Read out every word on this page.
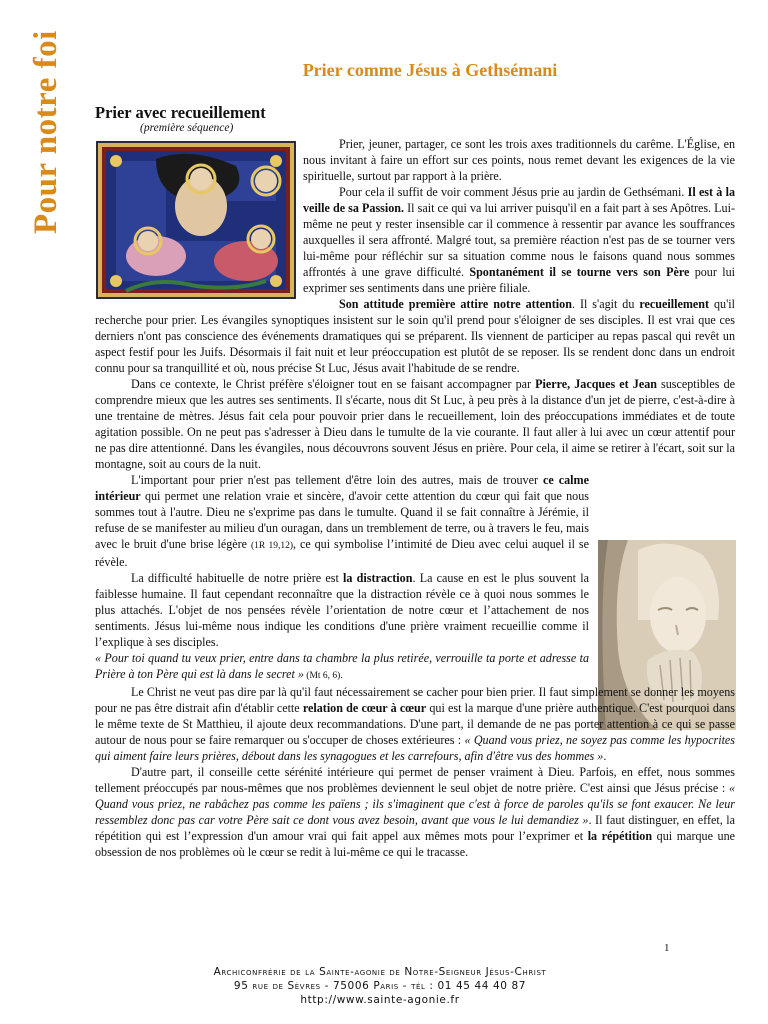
Pour notre foi	Prier comme Jésus à Gethsémani
Prier avec recueillement
(première séquence)

Prier, jeuner, partager, ce sont les trois axes traditionnels du carême. L'Église, en nous invitant à faire un effort sur ces points, nous remet devant les exigences de la vie spirituelle, surtout par rapport à la prière.

Pour cela il suffit de voir comment Jésus prie au jardin de Gethsémani. Il est à la veille de sa Passion. Il sait ce qui va lui arriver puisqu'il en a fait part à ses Apôtres. Lui-même ne peut y rester insensible car il commence à ressentir par avance les souffrances auxquelles il sera affronté. Malgré tout, sa première réaction n'est pas de se tourner vers lui-même pour réfléchir sur sa situation comme nous le faisons quand nous sommes affrontés à une grave difficulté. Spontanément il se tourne vers son Père pour lui exprimer ses sentiments dans une prière filiale.

Son attitude première attire notre attention. Il s'agit du recueillement qu'il recherche pour prier. Les évangiles synoptiques insistent sur le soin qu'il prend pour s'éloigner de ses disciples. Il est vrai que ces derniers n'ont pas conscience des événements dramatiques qui se préparent. Ils viennent de participer au repas pascal qui revêt un aspect festif pour les Juifs. Désormais il fait nuit et leur préoccupation est plutôt de se reposer. Ils se rendent donc dans un endroit connu pour sa tranquillité et où, nous précise St Luc, Jésus avait l'habitude de se rendre.

Dans ce contexte, le Christ préfère s'éloigner tout en se faisant accompagner par Pierre, Jacques et Jean susceptibles de comprendre mieux que les autres ses sentiments. Il s'écarte, nous dit St Luc, à peu près à la distance d'un jet de pierre, c'est-à-dire à une trentaine de mètres. Jésus fait cela pour pouvoir prier dans le recueillement, loin des préoccupations immédiates et de toute agitation possible. On ne peut pas s'adresser à Dieu dans le tumulte de la vie courante. Il faut aller à lui avec un cœur attentif pour ne pas dire attentionné. Dans les évangiles, nous découvrons souvent Jésus en prière. Pour cela, il aime se retirer à l'écart, soit sur la montagne, soit au cours de la nuit.

L'important pour prier n'est pas tellement d'être loin des autres, mais de trouver ce calme intérieur qui permet une relation vraie et sincère, d'avoir cette attention du cœur qui fait que nous sommes tout à l'autre. Dieu ne s'exprime pas dans le tumulte. Quand il se fait connaître à Jérémie, il refuse de se manifester au milieu d'un ouragan, dans un tremblement de terre, ou à travers le feu, mais avec le bruit d'une brise légère (1R 19,12), ce qui symbolise l’intimité de Dieu avec celui auquel il se révèle.

La difficulté habituelle de notre prière est la distraction. La cause en est le plus souvent la faiblesse humaine. Il faut cependant reconnaître que la distraction révèle ce à quoi nous sommes le plus attachés. L'objet de nos pensées révèle l’orientation de notre cœur et l’attachement de nos sentiments. Jésus lui-même nous indique les conditions d'une prière vraiment recueillie comme il l’explique à ses disciples.

« Pour toi quand tu veux prier, entre dans ta chambre la plus retirée, verrouille ta porte et adresse ta Prière à ton Père qui est là dans le secret » (Mt 6, 6).

Le Christ ne veut pas dire par là qu'il faut nécessairement se cacher pour bien prier. Il faut simplement se donner les moyens pour ne pas être distrait afin d'établir cette relation de cœur à cœur qui est la marque d'une prière authentique. C'est pourquoi dans le même texte de St Matthieu, il ajoute deux recommandations. D'une part, il demande de ne pas porter attention à ce qui se passe autour de nous pour se faire remarquer ou s'occuper de choses extérieures : « Quand vous priez, ne soyez pas comme les hypocrites qui aiment faire leurs prières, débout dans les synagogues et les carrefours, afin d'être vus des hommes ».

D'autre part, il conseille cette sérénité intérieure qui permet de penser vraiment à Dieu. Parfois, en effet, nous sommes tellement préoccupés par nous-mêmes que nos problèmes deviennent le seul objet de notre prière. C'est ainsi que Jésus précise : « Quand vous priez, ne rabâchez pas comme les païens ; ils s'imaginent que c'est à force de paroles qu'ils se font exaucer. Ne leur ressemblez donc pas car votre Père sait ce dont vous avez besoin, avant que vous le lui demandiez ». Il faut distinguer, en effet, la répétition qui est l’expression d'un amour vrai qui fait appel aux mêmes mots pour l’exprimer et la répétition qui marque une obsession de nos problèmes où le cœur se redit à lui-même ce qui le tracasse.

1
Archiconfrérie de la Sainte-agonie de Notre-Seigneur Jésus-Christ
95 rue de Sèvres - 75006 Paris - tél : 01 45 44 40 87
http://www.sainte-agonie.fr
